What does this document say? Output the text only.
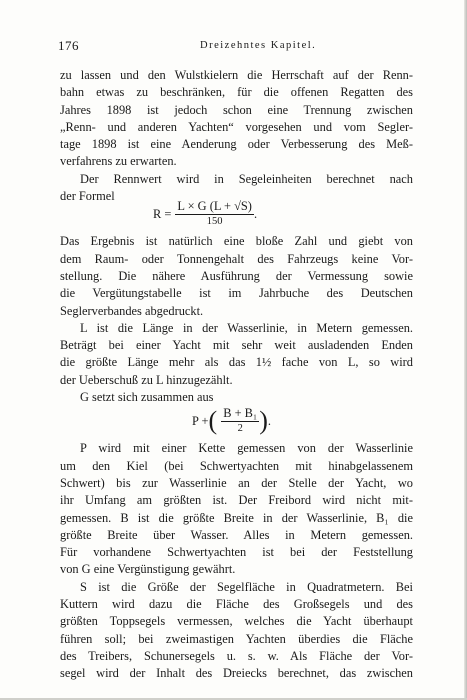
176	Dreizehntes Kapitel.
zu lassen und den Wulstkielern die Herrschaft auf der Renn-
bahn etwas zu beschränken, für die offenen Regatten des
Jahres 1898 ist jedoch schon eine Trennung zwischen
„Renn- und anderen Yachten“ vorgesehen und vom Segler-
tage 1898 ist eine Aenderung oder Verbesserung des Meß-
verfahrens zu erwarten.
Der Rennwert wird in Segeleinheiten berechnet nach
der Formel
$R = \frac{L \times G (L + √S)}{150}$ .
Das Ergebnis ist natürlich eine bloße Zahl und giebt von
dem Raum- oder Tonnengehalt des Fahrzeugs keine Vor-
stellung. Die nähere Ausführung der Vermessung sowie
die Vergütungstabelle ist im Jahrbuche des Deutschen
Seglerverbandes abgedruckt.
L ist die Länge in der Wasserlinie, in Metern gemessen.
Beträgt bei einer Yacht mit sehr weit ausladenden Enden
die größte Länge mehr als das 1½ fache von L, so wird
der Ueberschuß zu L hinzugezählt.
G setzt sich zusammen aus
P + ( $\frac{\text{B + B₁}}{2}$ ) .
P wird mit einer Kette gemessen von der Wasserlinie
um den Kiel (bei Schwertyachten mit hinabgelassenem
Schwert) bis zur Wasserlinie an der Stelle der Yacht, wo
ihr Umfang am größten ist. Der Freibord wird nicht mit-
gemessen. B ist die größte Breite in der Wasserlinie, B₁ die
größte Breite über Wasser. Alles in Metern gemessen.
Für vorhandene Schwertyachten ist bei der Feststellung
von G eine Vergünstigung gewährt.
S ist die Größe der Segelfläche in Quadratmetern. Bei
Kuttern wird dazu die Fläche des Großsegels und des
größten Toppsegels vermessen, welches die Yacht überhaupt
führen soll; bei zweimastigen Yachten überdies die Fläche
des Treibers, Schunersegels u. s. w. Als Fläche der Vor-
segel wird der Inhalt des Dreiecks berechnet, das zwischen
